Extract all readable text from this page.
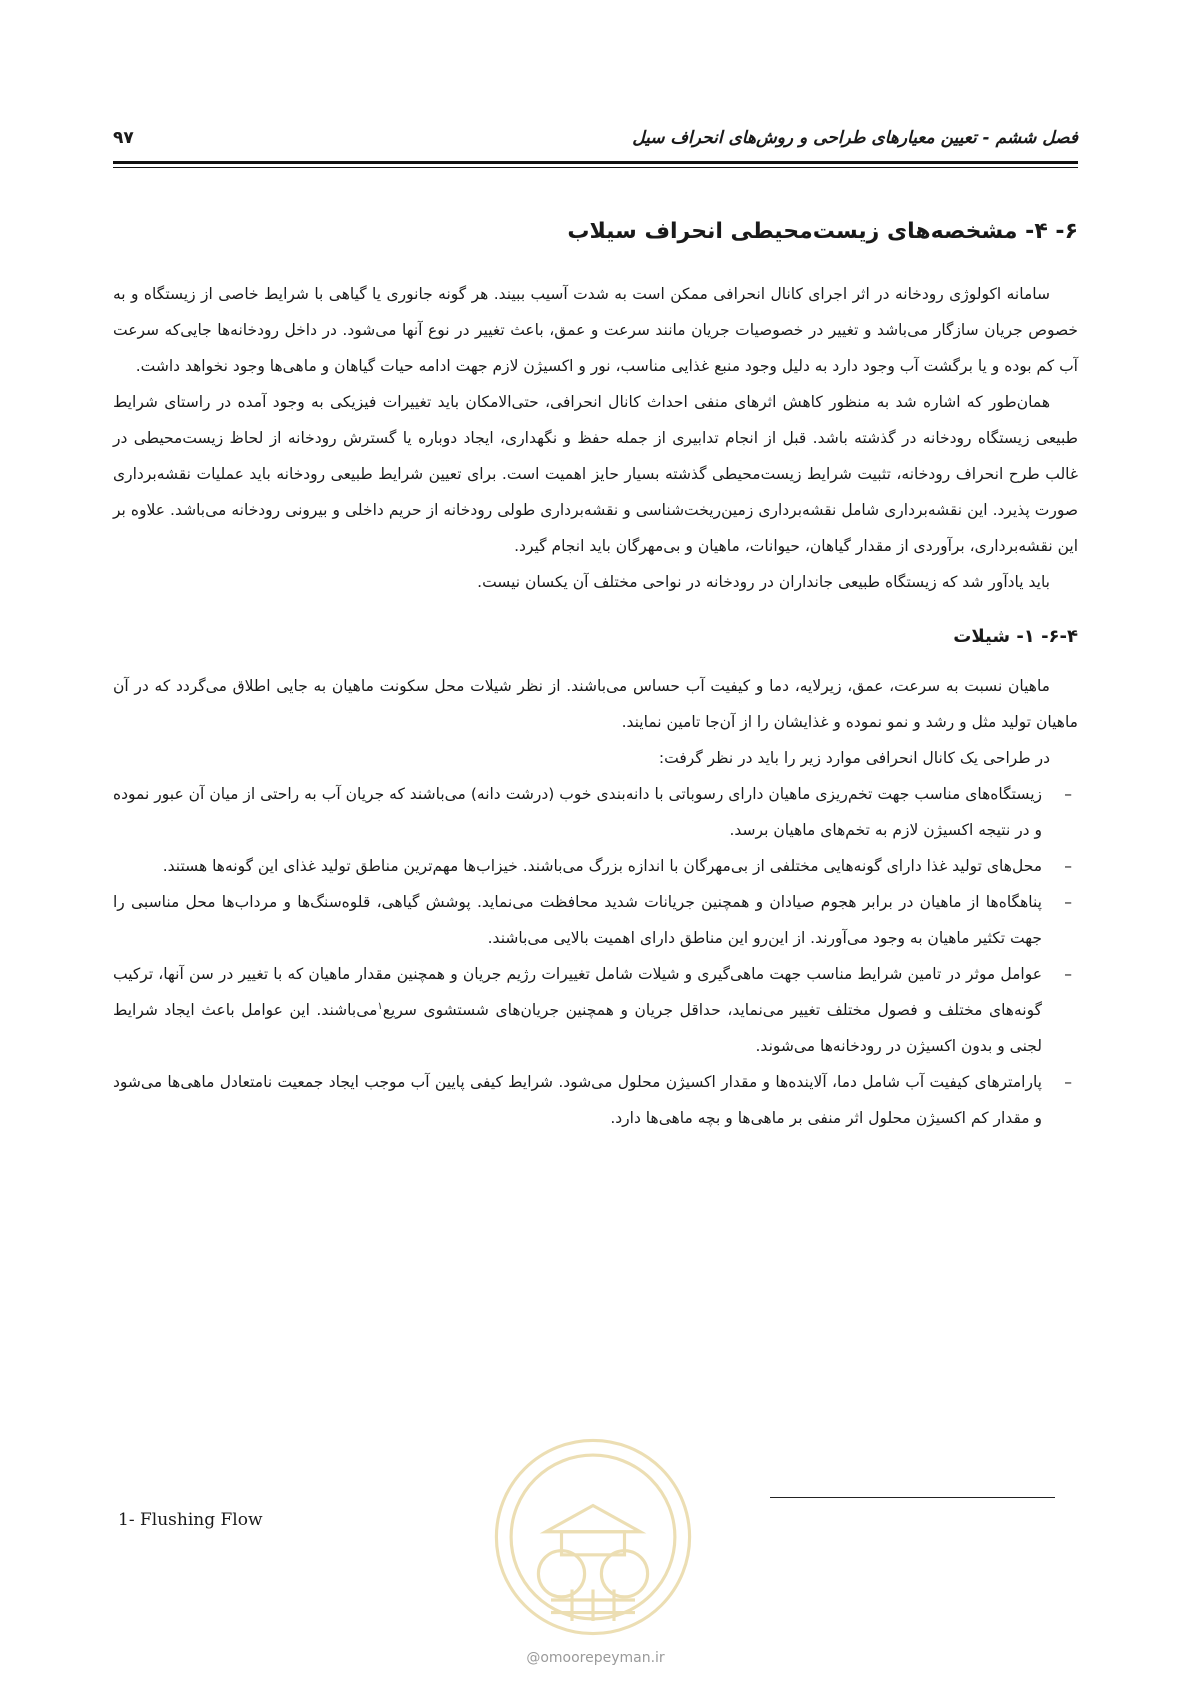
فصل ششم - تعیین معیارهای طراحی و روش‌های انحراف سیل
۹۷
۶- ۴- مشخصه‌های زیست‌محیطی انحراف سیلاب

سامانه اکولوژی رودخانه در اثر اجرای کانال انحرافی ممکن است به شدت آسیب ببیند. هر گونه جانوری یا گیاهی با شرایط خاصی از زیستگاه و به خصوص جریان سازگار می‌باشد و تغییر در خصوصیات جریان مانند سرعت و عمق، باعث تغییر در نوع آنها می‌شود. در داخل رودخانه‌ها جایی‌که سرعت آب کم بوده و یا برگشت آب وجود دارد به دلیل وجود منبع غذایی مناسب، نور و اکسیژن لازم جهت ادامه حیات گیاهان و ماهی‌ها وجود نخواهد داشت.

همان‌طور که اشاره شد به منظور کاهش اثرهای منفی احداث کانال انحرافی، حتی‌الامکان باید تغییرات فیزیکی به وجود آمده در راستای شرایط طبیعی زیستگاه رودخانه در گذشته باشد. قبل از انجام تدابیری از جمله حفظ و نگهداری، ایجاد دوباره یا گسترش رودخانه از لحاظ زیست‌محیطی در غالب طرح انحراف رودخانه، تثبیت شرایط زیست‌محیطی گذشته بسیار حایز اهمیت است. برای تعیین شرایط طبیعی رودخانه باید عملیات نقشه‌برداری صورت پذیرد. این نقشه‌برداری شامل نقشه‌برداری زمین‌ریخت‌شناسی و نقشه‌برداری طولی رودخانه از حریم داخلی و بیرونی رودخانه می‌باشد. علاوه بر این نقشه‌برداری، برآوردی از مقدار گیاهان، حیوانات، ماهیان و بی‌مهرگان باید انجام گیرد.

باید یادآور شد که زیستگاه طبیعی جانداران در رودخانه در نواحی مختلف آن یکسان نیست.

۶-۴- ۱- شیلات

ماهیان نسبت به سرعت، عمق، زیرلایه، دما و کیفیت آب حساس می‌باشند. از نظر شیلات محل سکونت ماهیان به جایی اطلاق می‌گردد که در آن ماهیان تولید مثل و رشد و نمو نموده و غذایشان را از آن‌جا تامین نمایند.

در طراحی یک کانال انحرافی موارد زیر را باید در نظر گرفت:

–
زیستگاه‌های مناسب جهت تخم‌ریزی ماهیان دارای رسوباتی با دانه‌بندی خوب (درشت دانه) می‌باشند که جریان آب به راحتی از میان آن عبور نموده و در نتیجه اکسیژن لازم به تخم‌های ماهیان برسد.
–
محل‌های تولید غذا دارای گونه‌هایی مختلفی از بی‌مهرگان با اندازه بزرگ می‌باشند. خیزاب‌ها مهم‌ترین مناطق تولید غذای این گونه‌ها هستند.
–
پناهگاه‌ها از ماهیان در برابر هجوم صیادان و همچنین جریانات شدید محافظت می‌نماید. پوشش گیاهی، قلوه‌سنگ‌ها و مرداب‌ها محل مناسبی را جهت تکثیر ماهیان به وجود می‌آورند. از این‌رو این مناطق دارای اهمیت بالایی می‌باشند.
–
عوامل موثر در تامین شرایط مناسب جهت ماهی‌گیری و شیلات شامل تغییرات رژیم جریان و همچنین مقدار ماهیان که با تغییر در سن آنها، ترکیب گونه‌های مختلف و فصول مختلف تغییر می‌نماید، حداقل جریان و همچنین جریان‌های شستشوی سریع$^۱$می‌باشند. این عوامل باعث ایجاد شرایط لجنی و بدون اکسیژن در رودخانه‌ها می‌شوند.
–
پارامترهای کیفیت آب شامل دما، آلاینده‌ها و مقدار اکسیژن محلول می‌شود. شرایط کیفی پایین آب موجب ایجاد جمعیت نامتعادل ماهی‌ها می‌شود و مقدار کم اکسیژن محلول اثر منفی بر ماهی‌ها و بچه ماهی‌ها دارد.
1- Flushing Flow
@omoorepeyman.ir
